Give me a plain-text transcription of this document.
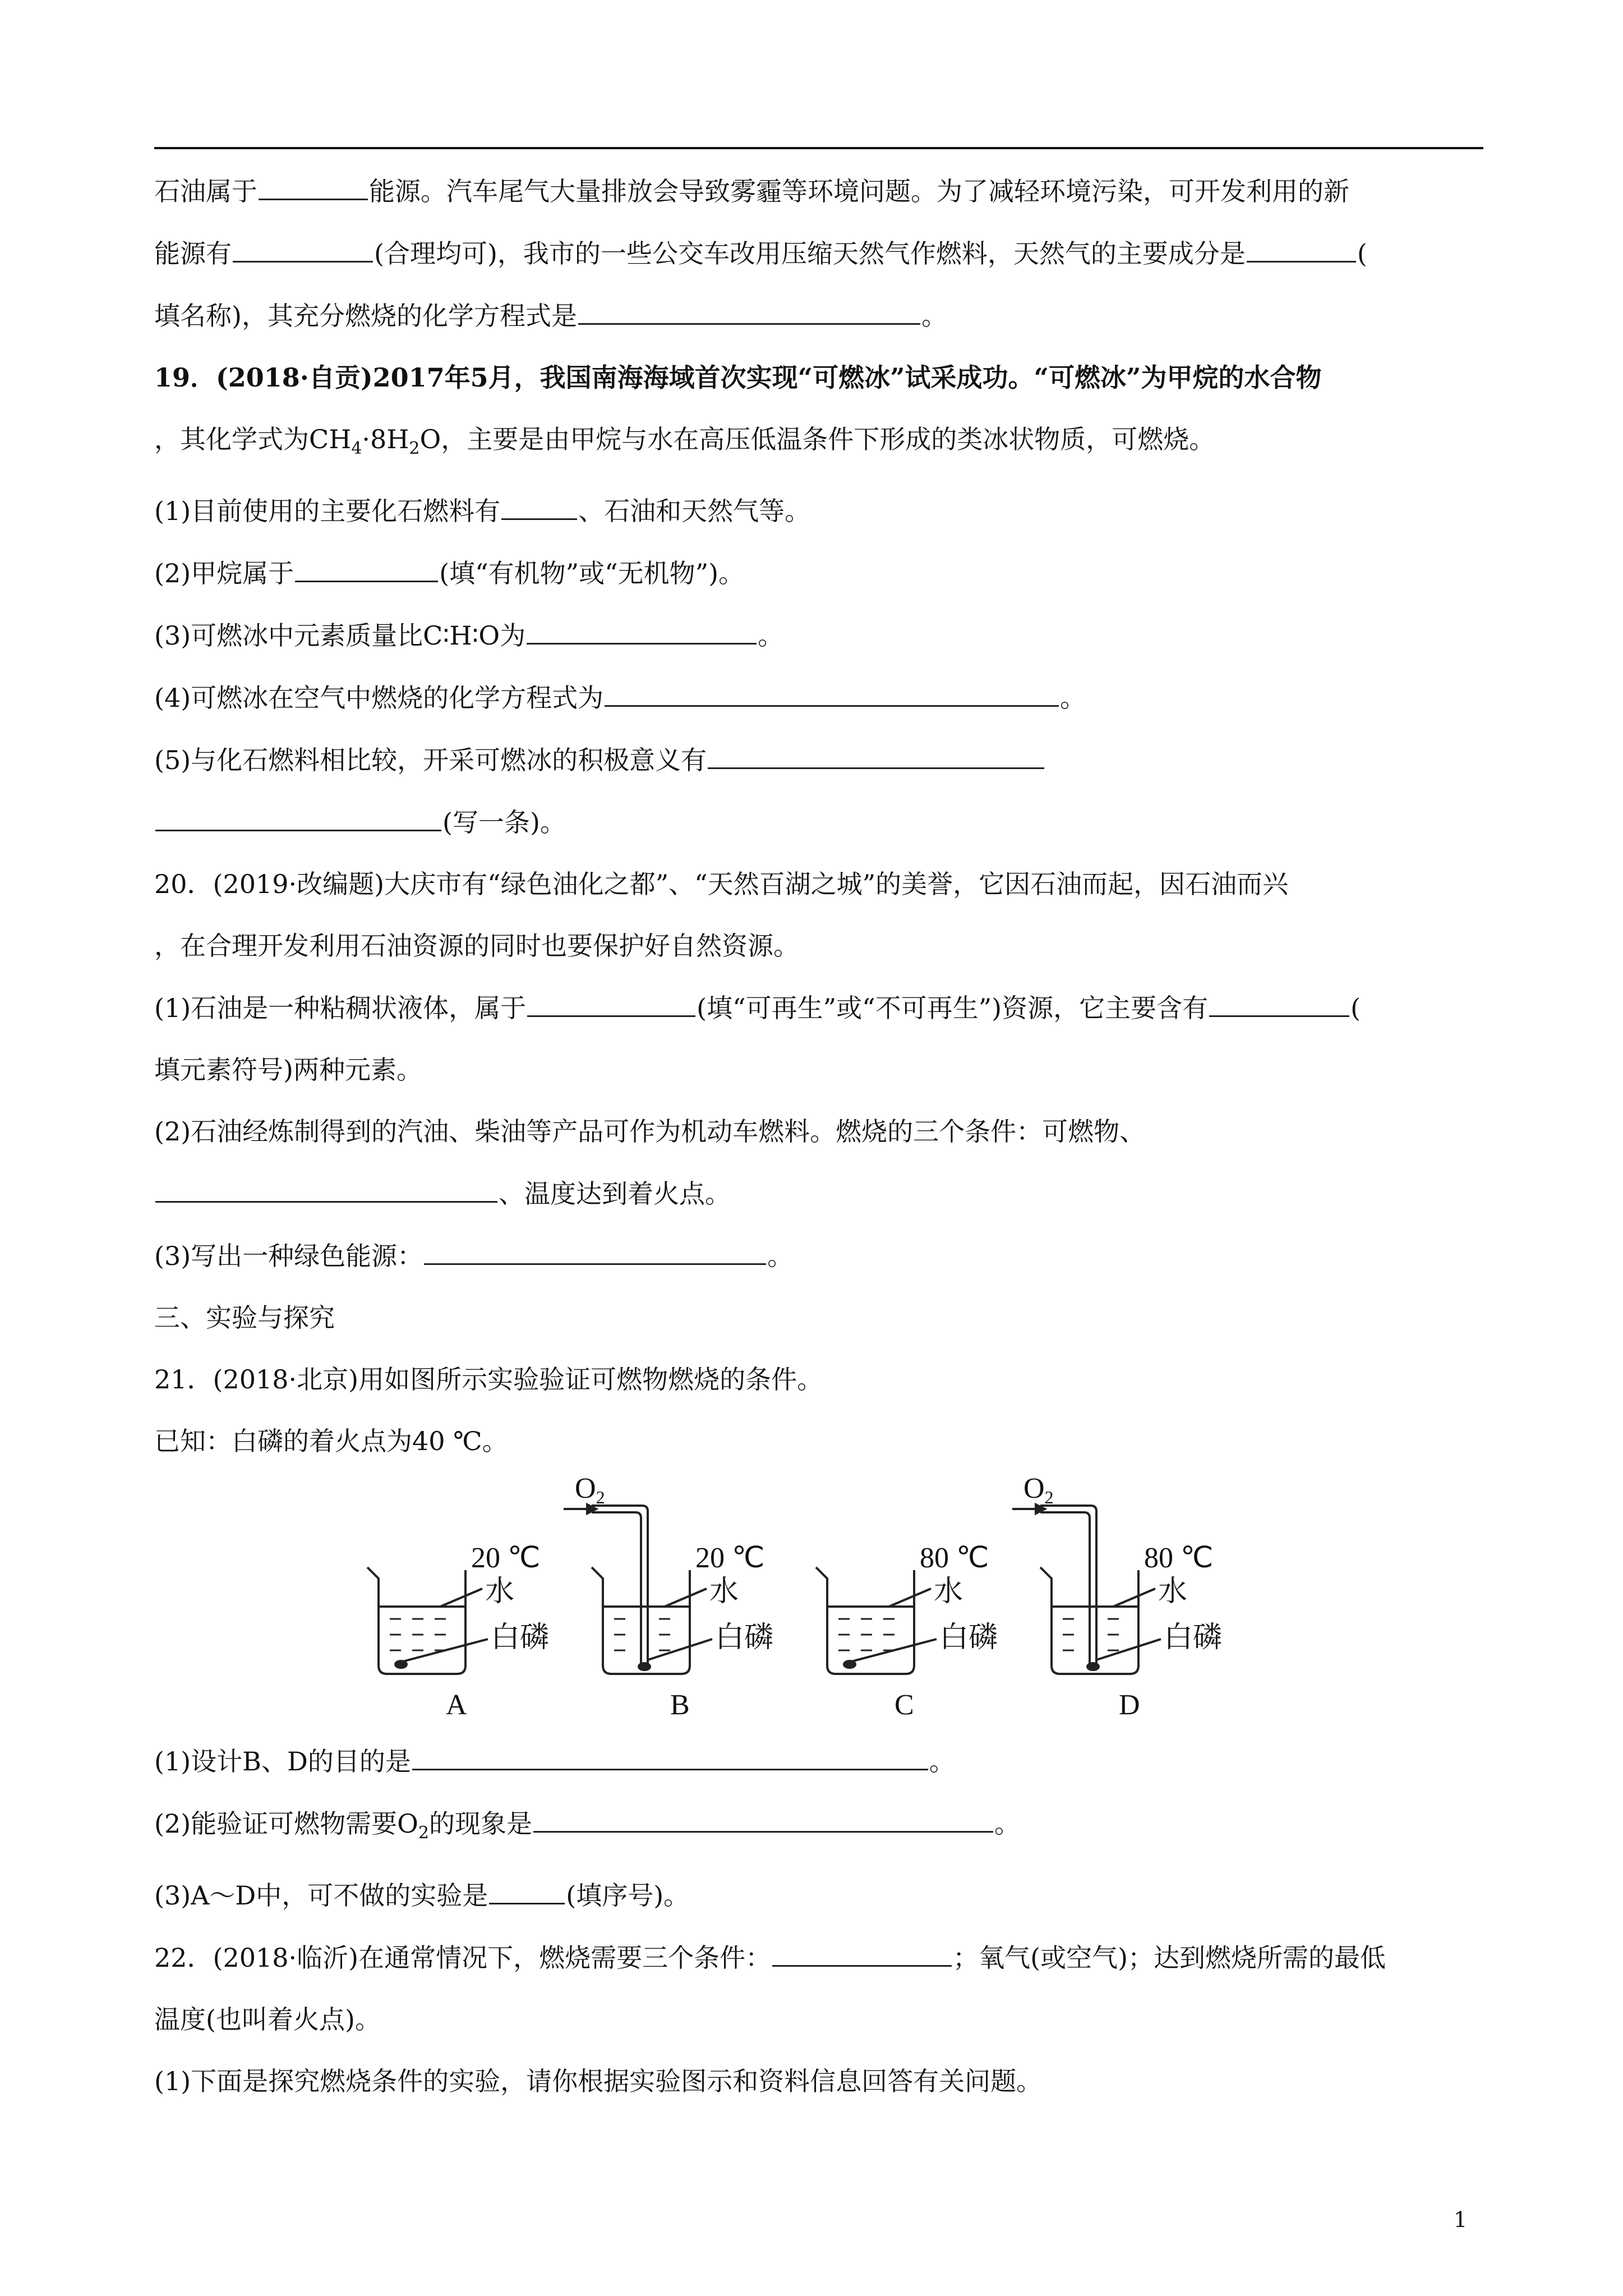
石油属于	能源。汽车尾气大量排放会导致雾霾等环境问题。为了减轻环境污染，可开发利用的新

能源有	(合理均可)，我市的一些公交车改用压缩天然气作燃料，天然气的主要成分是	(

填名称)，其充分燃烧的化学方程式是	。

19．(2018·自贡)2017年5月，我国南海海域首次实现“可燃冰”试采成功。“可燃冰”为甲烷的水合物

，其化学式为$CH_4\cdot 8H_2O$，主要是由甲烷与水在高压低温条件下形成的类冰状物质，可燃烧。

(1)目前使用的主要化石燃料有	、石油和天然气等。

(2)甲烷属于	(填“有机物”或“无机物”)。

(3)可燃冰中元素质量比C∶H∶O为	。

(4)可燃冰在空气中燃烧的化学方程式为	。

(5)与化石燃料相比较，开采可燃冰的积极意义有

(写一条)。

20．(2019·改编题)大庆市有“绿色油化之都”、“天然百湖之城”的美誉，它因石油而起，因石油而兴

，在合理开发利用石油资源的同时也要保护好自然资源。

(1)石油是一种粘稠状液体，属于	(填“可再生”或“不可再生”)资源，它主要含有	(

填元素符号)两种元素。

(2)石油经炼制得到的汽油、柴油等产品可作为机动车燃料。燃烧的三个条件：可燃物、

、温度达到着火点。

(3)写出一种绿色能源：	。

三、实验与探究

21．(2018·北京)用如图所示实验验证可燃物燃烧的条件。

已知：白磷的着火点为40 ℃。

O2	O2
20 ℃	20 ℃	80 ℃	80 ℃
水	水	水	水
白磷	白磷	白磷	白磷
A	B	C	D

(1)设计B、D的目的是	。

(2)能验证可燃物需要$O_2$的现象是	。

(3)A～D中，可不做的实验是	(填序号)。

22．(2018·临沂)在通常情况下，燃烧需要三个条件：	；氧气(或空气)；达到燃烧所需的最低

温度(也叫着火点)。

(1)下面是探究燃烧条件的实验，请你根据实验图示和资料信息回答有关问题。

1
